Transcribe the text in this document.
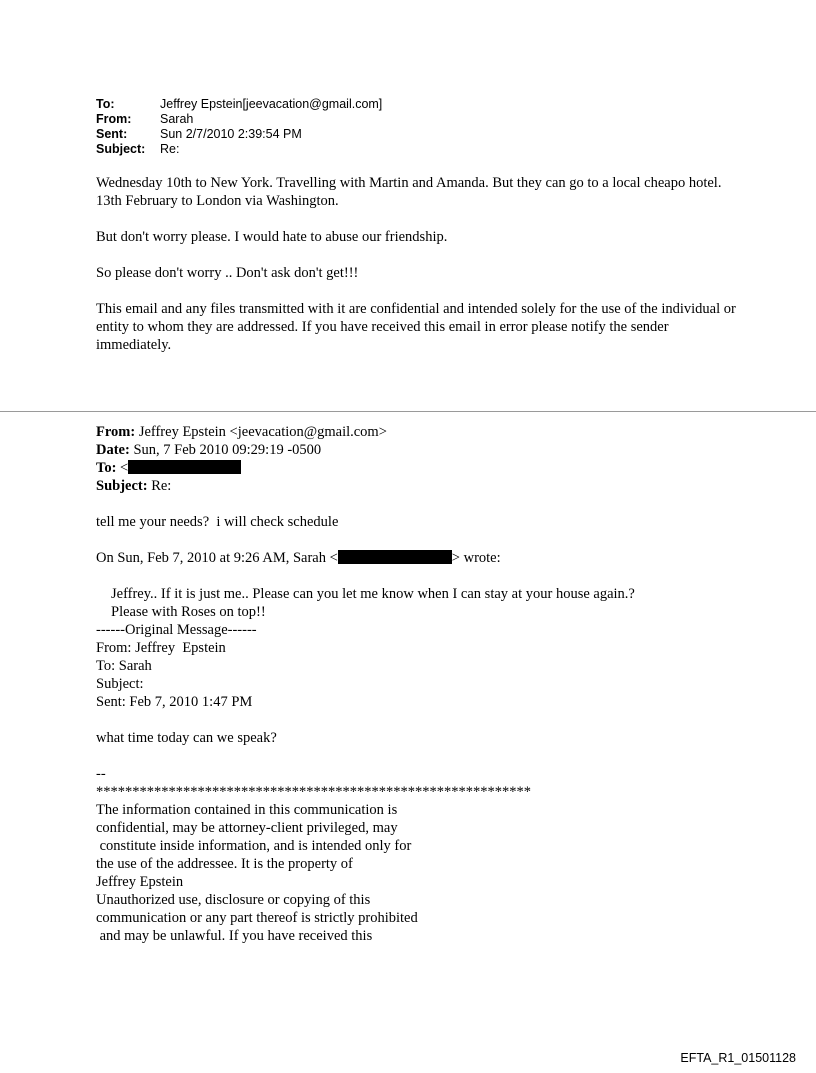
To:	Jeffrey Epstein[jeevacation@gmail.com]
From:	Sarah
Sent:	Sun 2/7/2010 2:39:54 PM
Subject:	Re:

Wednesday 10th to New York. Travelling with Martin and Amanda. But they can go to a local cheapo hotel. 13th February to London via Washington.

But don't worry please. I would hate to abuse our friendship.

So please don't worry .. Don't ask don't get!!!

This email and any files transmitted with it are confidential and intended solely for the use of the individual or entity to whom they are addressed. If you have received this email in error please notify the sender
immediately.

From: Jeffrey Epstein <jeevacation@gmail.com>
Date: Sun, 7 Feb 2010 09:29:19 -0500
To: <
Subject: Re:
tell me your needs?  i will check schedule
On Sun, Feb 7, 2010 at 9:26 AM, Sarah <	> wrote:
Jeffrey.. If it is just me.. Please can you let me know when I can stay at your house again.?
Please with Roses on top!!
------Original Message------
From: Jeffrey  Epstein
To: Sarah
Subject:
Sent: Feb 7, 2010 1:47 PM
what time today can we speak?
--
************************************************************
The information contained in this communication is
confidential, may be attorney-client privileged, may
constitute inside information, and is intended only for
the use of the addressee. It is the property of
Jeffrey Epstein
Unauthorized use, disclosure or copying of this
communication or any part thereof is strictly prohibited
and may be unlawful. If you have received this
EFTA_R1_01501128
